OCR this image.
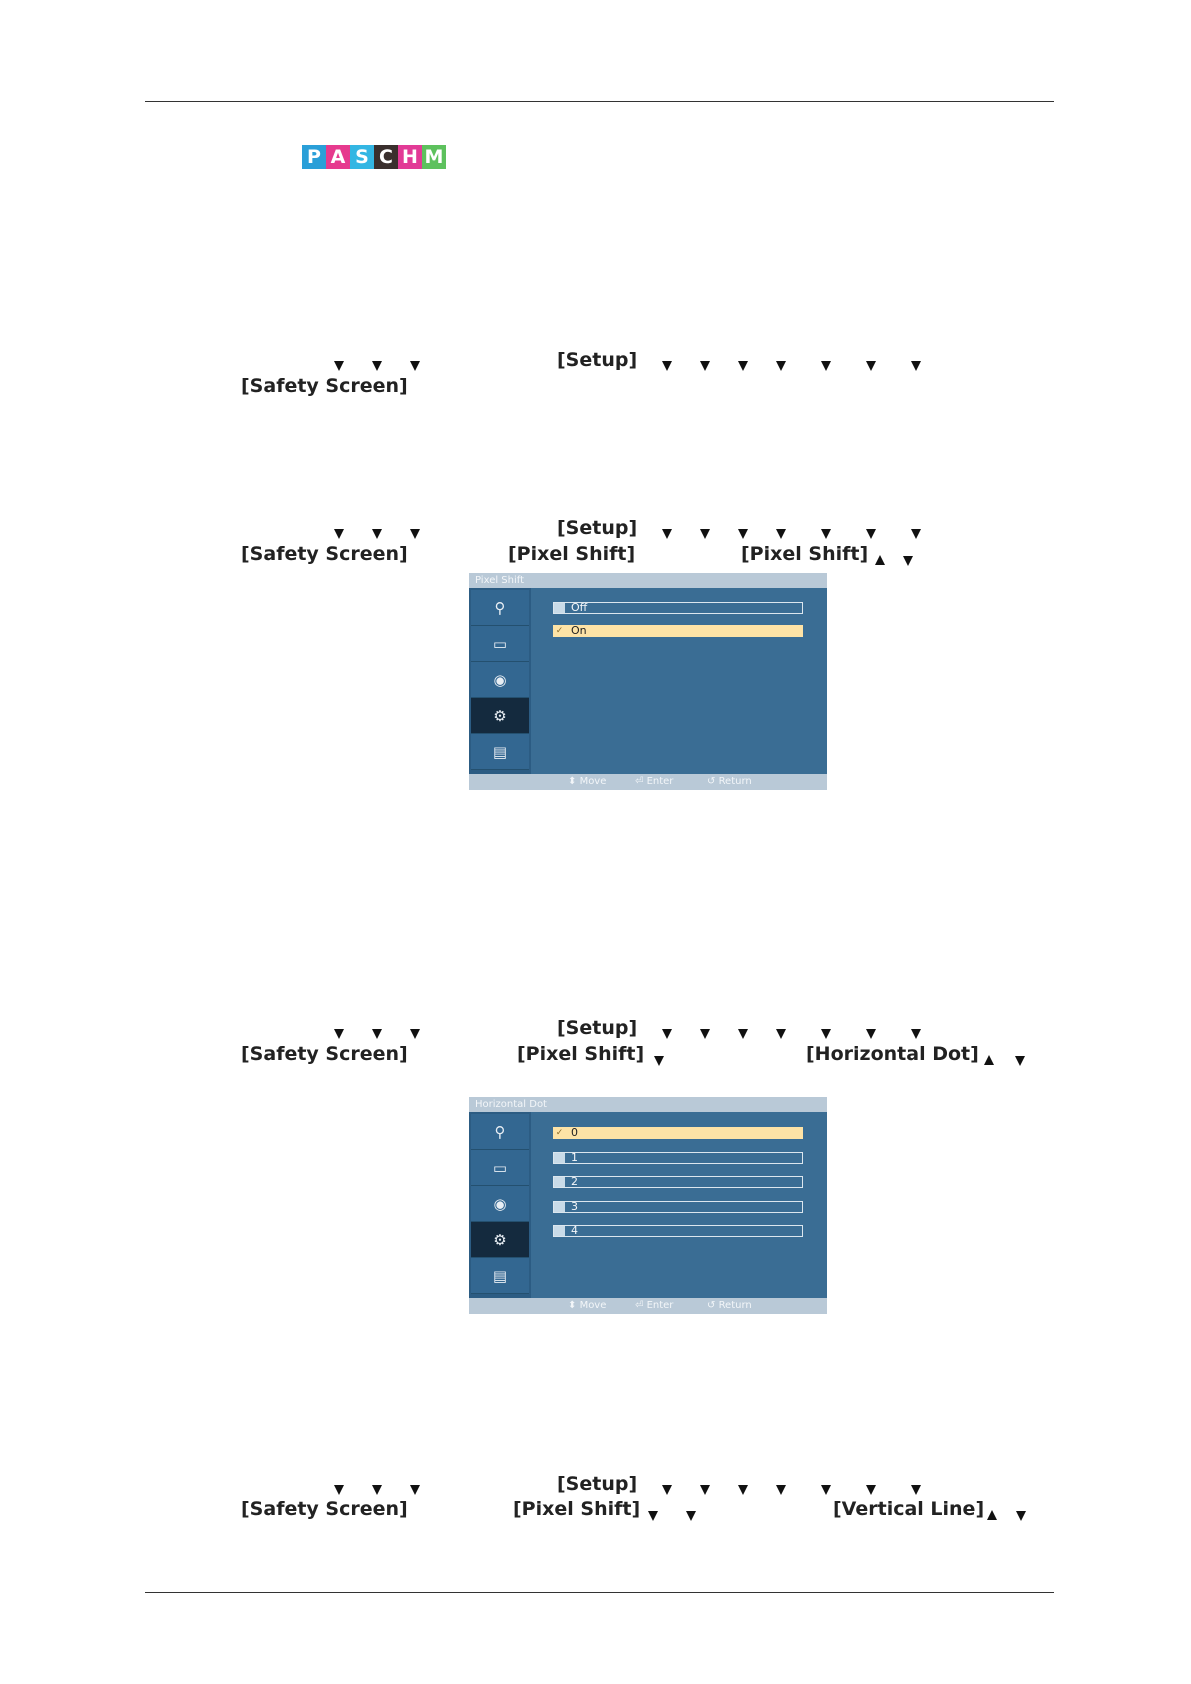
P A S C H M
[Setup]
[Safety Screen]
[Setup]
[Safety Screen]	[Pixel Shift]	[Pixel Shift]
Pixel Shift
⚲
▭
◉
⚙
▤
Off
✓ On
⬍ Move	⏎ Enter	↺ Return
[Setup]
[Safety Screen]	[Pixel Shift]	[Horizontal Dot]
Horizontal Dot
⚲
▭
◉
⚙
▤
✓ 0
1
2
3
4
⬍ Move	⏎ Enter	↺ Return
[Setup]
[Safety Screen]	[Pixel Shift]	[Vertical Line]
